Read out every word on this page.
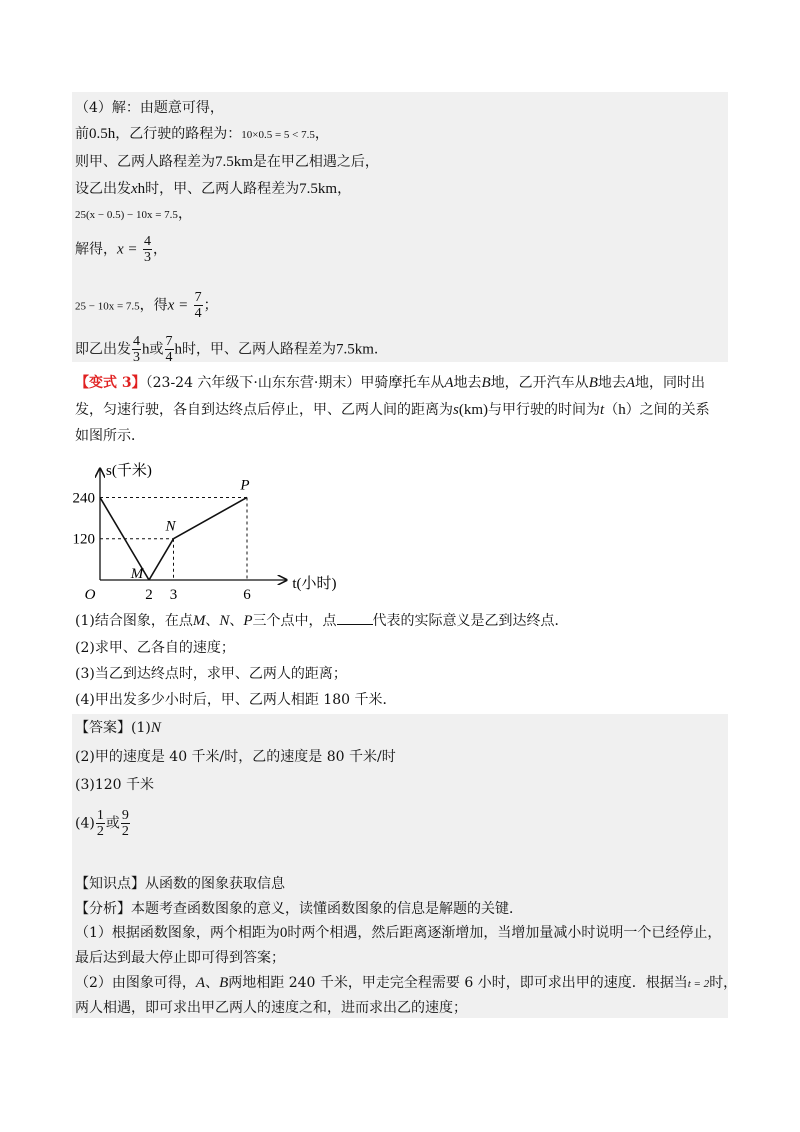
（4）解：由题意可得，
前0.5h，乙行驶的路程为：10×0.5 = 5 < 7.5，
则甲、乙两人路程差为7.5km是在甲乙相遇之后，
设乙出发xh时，甲、乙两人路程差为7.5km，
25(x − 0.5) − 10x = 7.5，
解得，$x = \frac{4}{3}$ ，
25 − 10x = 7.5，得$x = \frac{7}{4}$ ；
即乙出发 $\frac{4}{3}$ h或 $\frac{7}{4}$ h时，甲、乙两人路程差为7.5km.
【变式 3】（23-24 六年级下·山东东营·期末）甲骑摩托车从A地去B地，乙开汽车从B地去A地，同时出
发，匀速行驶，各自到达终点后停止，甲、乙两人间的距离为s(km)与甲行驶的时间为t（h）之间的关系
如图所示．
2 3	6
120
240
O
M
N
P
s(千米)
t(小时)
(1)结合图象，在点M、N、P三个点中，点	代表的实际意义是乙到达终点．
(2)求甲、乙各自的速度；
(3)当乙到达终点时，求甲、乙两人的距离；
(4)甲出发多少小时后，甲、乙两人相距 180 千米．
【答案】(1)N
(2)甲的速度是 40 千米/时，乙的速度是 80 千米/时
(3)120 千米
$(4) \frac{1}{2}$ 或 $\frac{9}{2}$
【知识点】从函数的图象获取信息
【分析】本题考查函数图象的意义，读懂函数图象的信息是解题的关键．
（1）根据函数图象，两个相距为0时两个相遇，然后距离逐渐增加，当增加量减小时说明一个已经停止，
最后达到最大停止即可得到答案；
（2）由图象可得，A、B两地相距 240 千米，甲走完全程需要 6 小时，即可求出甲的速度．根据当t = 2时，
两人相遇，即可求出甲乙两人的速度之和，进而求出乙的速度；
